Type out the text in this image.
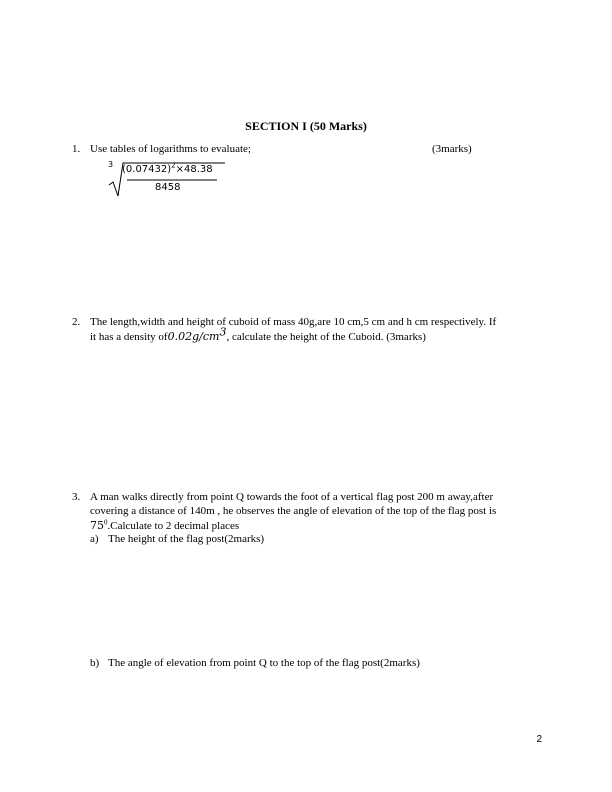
SECTION I (50 Marks)
1. Use tables of logarithms to evaluate;	(3marks)
3 $(0.07432)^2\times 48.38$
8458
2. The length,width and height of cuboid of mass 40g,are 10 cm,5 cm and h cm respectively. If
it has a density $of0.02g/cm^3$, calculate the height of the Cuboid. (3marks)
3. A man walks directly from point Q towards the foot of a vertical flag post 200 m away,after
covering a distance of 140m , he observes the angle of elevation of the top of the flag post is
$75^0.Calculate$ to 2 decimal places
a) The height of the flag post(2marks)
b) The angle of elevation from point Q to the top of the flag post(2marks)
2
